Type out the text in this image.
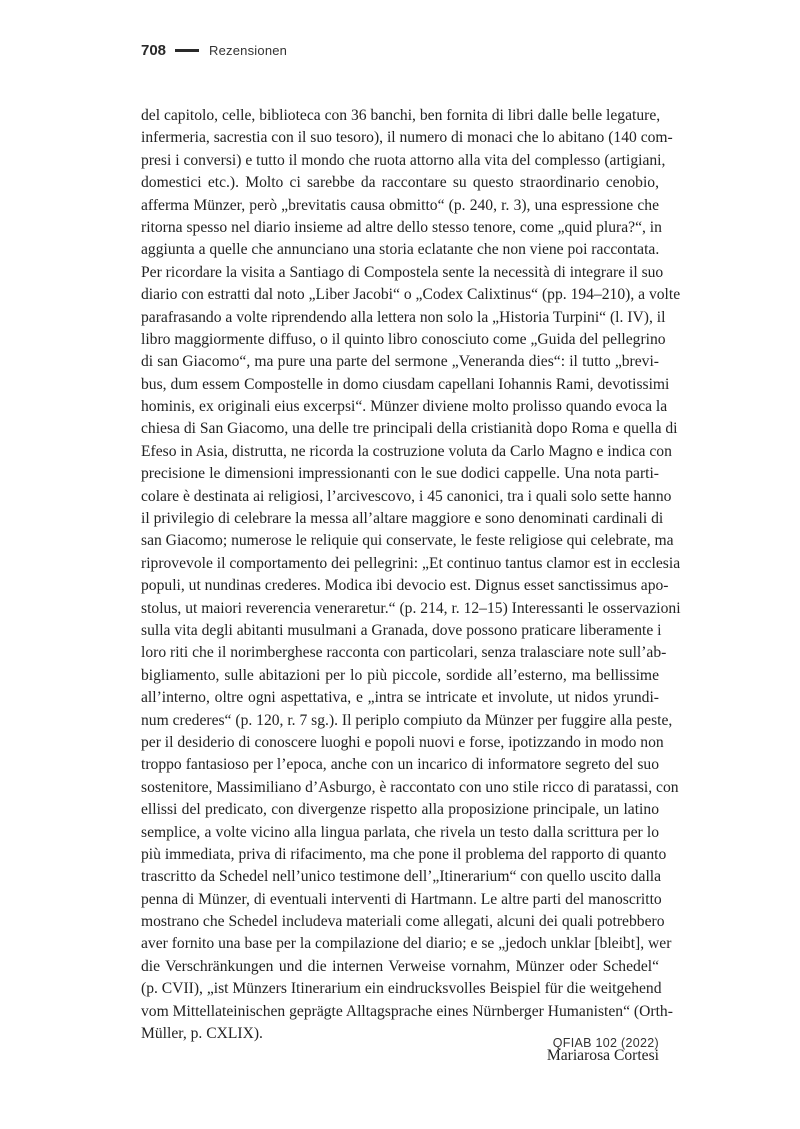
708	Rezensionen
del capitolo, celle, biblioteca con 36 banchi, ben fornita di libri dalle belle legature,
infermeria, sacrestia con il suo tesoro), il numero di monaci che lo abitano (140 com-
presi i conversi) e tutto il mondo che ruota attorno alla vita del complesso (artigiani,
domestici etc.). Molto ci sarebbe da raccontare su questo straordinario cenobio,
afferma Münzer, però „brevitatis causa obmitto“ (p. 240, r. 3), una espressione che
ritorna spesso nel diario insieme ad altre dello stesso tenore, come „quid plura?“, in
aggiunta a quelle che annunciano una storia eclatante che non viene poi raccontata.
Per ricordare la visita a Santiago di Compostela sente la necessità di integrare il suo
diario con estratti dal noto „Liber Jacobi“ o „Codex Calixtinus“ (pp. 194–210), a volte
parafrasando a volte riprendendo alla lettera non solo la „Historia Turpini“ (l. IV), il
libro maggiormente diffuso, o il quinto libro conosciuto come „Guida del pellegrino
di san Giacomo“, ma pure una parte del sermone „Veneranda dies“: il tutto „brevi-
bus, dum essem Compostelle in domo ciusdam capellani Iohannis Rami, devotissimi
hominis, ex originali eius excerpsi“. Münzer diviene molto prolisso quando evoca la
chiesa di San Giacomo, una delle tre principali della cristianità dopo Roma e quella di
Efeso in Asia, distrutta, ne ricorda la costruzione voluta da Carlo Magno e indica con
precisione le dimensioni impressionanti con le sue dodici cappelle. Una nota parti-
colare è destinata ai religiosi, l’arcivescovo, i 45 canonici, tra i quali solo sette hanno
il privilegio di celebrare la messa all’altare maggiore e sono denominati cardinali di
san Giacomo; numerose le reliquie qui conservate, le feste religiose qui celebrate, ma
riprovevole il comportamento dei pellegrini: „Et continuo tantus clamor est in ecclesia
populi, ut nundinas crederes. Modica ibi devocio est. Dignus esset sanctissimus apo-
stolus, ut maiori reverencia veneraretur.“ (p. 214, r. 12–15) Interessanti le osservazioni
sulla vita degli abitanti musulmani a Granada, dove possono praticare liberamente i
loro riti che il norimberghese racconta con particolari, senza tralasciare note sull’ab-
bigliamento, sulle abitazioni per lo più piccole, sordide all’esterno, ma bellissime
all’interno, oltre ogni aspettativa, e „intra se intricate et involute, ut nidos yrundi-
num crederes“ (p. 120, r. 7 sg.). Il periplo compiuto da Münzer per fuggire alla peste,
per il desiderio di conoscere luoghi e popoli nuovi e forse, ipotizzando in modo non
troppo fantasioso per l’epoca, anche con un incarico di informatore segreto del suo
sostenitore, Massimiliano d’Asburgo, è raccontato con uno stile ricco di paratassi, con
ellissi del predicato, con divergenze rispetto alla proposizione principale, un latino
semplice, a volte vicino alla lingua parlata, che rivela un testo dalla scrittura per lo
più immediata, priva di rifacimento, ma che pone il problema del rapporto di quanto
trascritto da Schedel nell’unico testimone dell’„Itinerarium“ con quello uscito dalla
penna di Münzer, di eventuali interventi di Hartmann. Le altre parti del manoscritto
mostrano che Schedel includeva materiali come allegati, alcuni dei quali potrebbero
aver fornito una base per la compilazione del diario; e se „jedoch unklar [bleibt], wer
die Verschränkungen und die internen Verweise vornahm, Münzer oder Schedel“
(p. CVII), „ist Münzers Itinerarium ein eindrucksvolles Beispiel für die weitgehend
vom Mittellateinischen geprägte Alltagsprache eines Nürnberger Humanisten“ (Orth-
Müller, p. CXLIX).
Mariarosa Cortesi
QFIAB 102 (2022)
